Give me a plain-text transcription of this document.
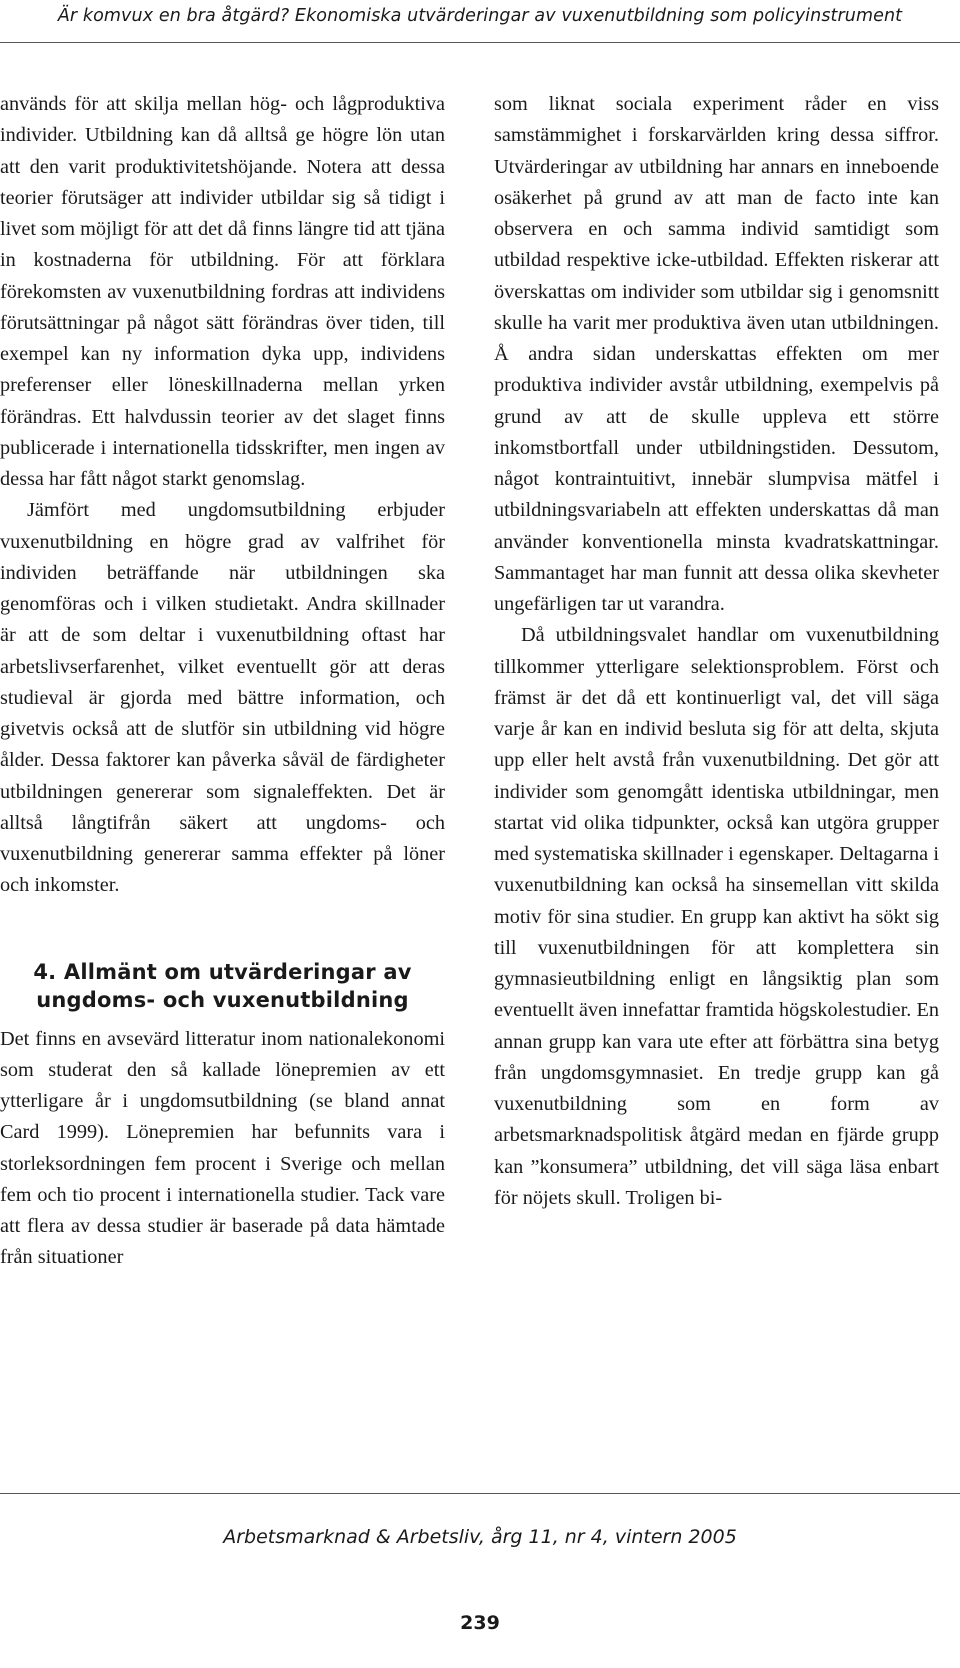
Är komvux en bra åtgärd? Ekonomiska utvärderingar av vuxenutbildning som policyinstrument

används för att skilja mellan hög- och lågproduktiva individer. Utbildning kan då alltså ge högre lön utan att den varit produktivitetshöjande. Notera att dessa teorier förutsäger att individer utbildar sig så tidigt i livet som möjligt för att det då finns längre tid att tjäna in kostnaderna för utbildning. För att förklara förekomsten av vuxenutbildning fordras att individens förutsättningar på något sätt förändras över tiden, till exempel kan ny information dyka upp, individens preferenser eller löneskillnaderna mellan yrken förändras. Ett halvdussin teorier av det slaget finns publicerade i internationella tidsskrifter, men ingen av dessa har fått något starkt genomslag.

Jämfört med ungdomsutbildning erbjuder vuxenutbildning en högre grad av valfrihet för individen beträffande när utbildningen ska genomföras och i vilken studietakt. Andra skillnader är att de som deltar i vuxenutbildning oftast har arbetslivserfarenhet, vilket eventuellt gör att deras studieval är gjorda med bättre information, och givetvis också att de slutför sin utbildning vid högre ålder. Dessa faktorer kan påverka såväl de färdigheter utbildningen genererar som signaleffekten. Det är alltså långtifrån säkert att ungdoms- och vuxenutbildning genererar samma effekter på löner och inkomster.

4. Allmänt om utvärderingar av ungdoms- och vuxenutbildning

Det finns en avsevärd litteratur inom nationalekonomi som studerat den så kallade lönepremien av ett ytterligare år i ungdomsutbildning (se bland annat Card 1999). Lönepremien har befunnits vara i storleksordningen fem procent i Sverige och mellan fem och tio procent i internationella studier. Tack vare att flera av dessa studier är baserade på data hämtade från situationer

som liknat sociala experiment råder en viss samstämmighet i forskarvärlden kring dessa siffror. Utvärderingar av utbildning har annars en inneboende osäkerhet på grund av att man de facto inte kan observera en och samma individ samtidigt som utbildad respektive icke-utbildad. Effekten riskerar att överskattas om individer som utbildar sig i genomsnitt skulle ha varit mer produktiva även utan utbildningen. Å andra sidan underskattas effekten om mer produktiva individer avstår utbildning, exempelvis på grund av att de skulle uppleva ett större inkomstbortfall under utbildningstiden. Dessutom, något kontraintuitivt, innebär slumpvisa mätfel i utbildningsvariabeln att effekten underskattas då man använder konventionella minsta kvadratskattningar. Sammantaget har man funnit att dessa olika skevheter ungefärligen tar ut varandra.

Då utbildningsvalet handlar om vuxenutbildning tillkommer ytterligare selektionsproblem. Först och främst är det då ett kontinuerligt val, det vill säga varje år kan en individ besluta sig för att delta, skjuta upp eller helt avstå från vuxenutbildning. Det gör att individer som genomgått identiska utbildningar, men startat vid olika tidpunkter, också kan utgöra grupper med systematiska skillnader i egenskaper. Deltagarna i vuxenutbildning kan också ha sinsemellan vitt skilda motiv för sina studier. En grupp kan aktivt ha sökt sig till vuxenutbildningen för att komplettera sin gymnasieutbildning enligt en långsiktig plan som eventuellt även innefattar framtida högskolestudier. En annan grupp kan vara ute efter att förbättra sina betyg från ungdomsgymnasiet. En tredje grupp kan gå vuxenutbildning som en form av arbetsmarknadspolitisk åtgärd medan en fjärde grupp kan ”konsumera” utbildning, det vill säga läsa enbart för nöjets skull. Troligen bi-

Arbetsmarknad & Arbetsliv, årg 11, nr 4, vintern 2005
239
